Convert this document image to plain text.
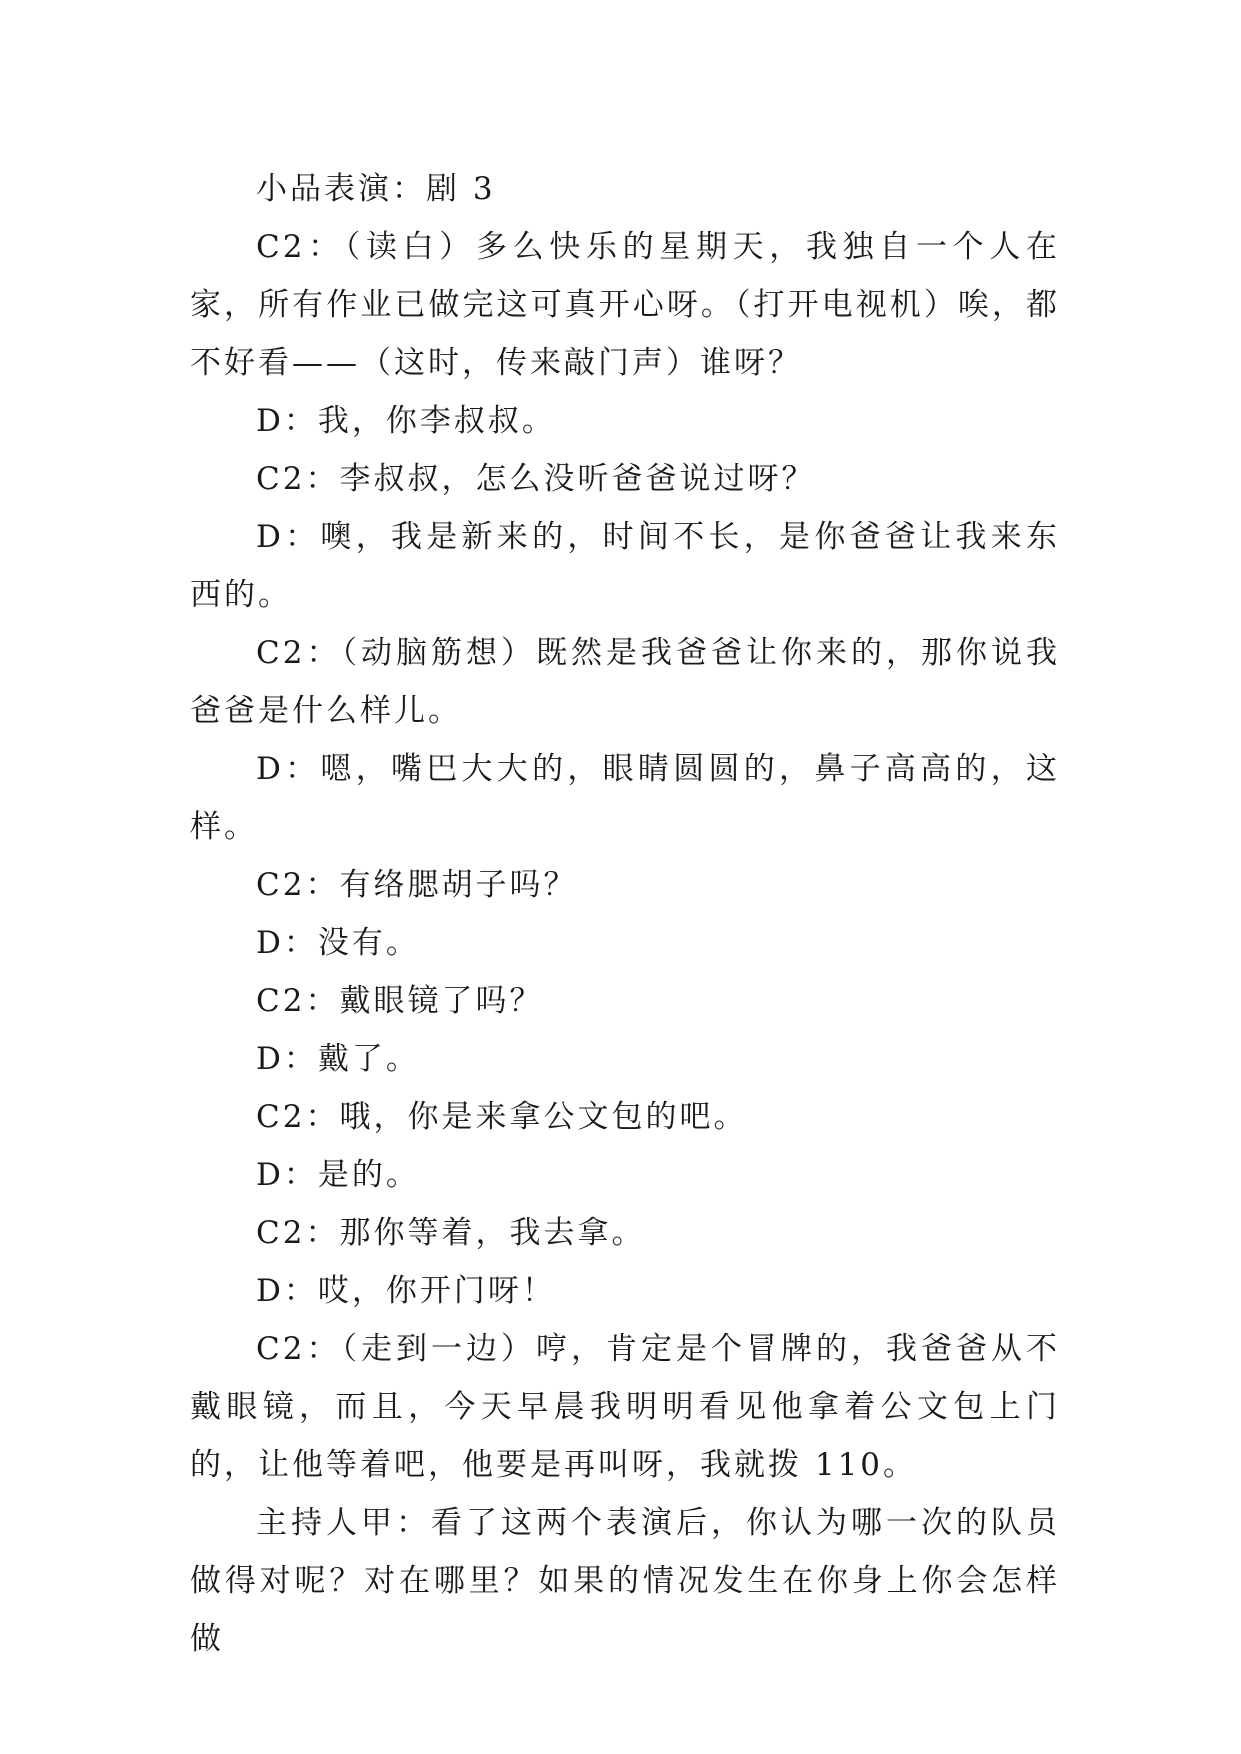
小品表演：剧 3

C2：（读白）多么快乐的星期天，我独自一个人在家，所有作业已做完这可真开心呀。（打开电视机）唉，都不好看——（这时，传来敲门声）谁呀？

D：我，你李叔叔。

C2：李叔叔，怎么没听爸爸说过呀？

D：噢，我是新来的，时间不长，是你爸爸让我来东西的。

C2：（动脑筋想）既然是我爸爸让你来的，那你说我爸爸是什么样儿。

D：嗯，嘴巴大大的，眼睛圆圆的，鼻子高高的，这样。

C2：有络腮胡子吗？

D：没有。

C2：戴眼镜了吗？

D：戴了。

C2：哦，你是来拿公文包的吧。

D：是的。

C2：那你等着，我去拿。

D：哎，你开门呀！

C2：（走到一边）哼，肯定是个冒牌的，我爸爸从不戴眼镜，而且，今天早晨我明明看见他拿着公文包上门的，让他等着吧，他要是再叫呀，我就拨 110。

主持人甲：看了这两个表演后，你认为哪一次的队员做得对呢？对在哪里？如果的情况发生在你身上你会怎样做
